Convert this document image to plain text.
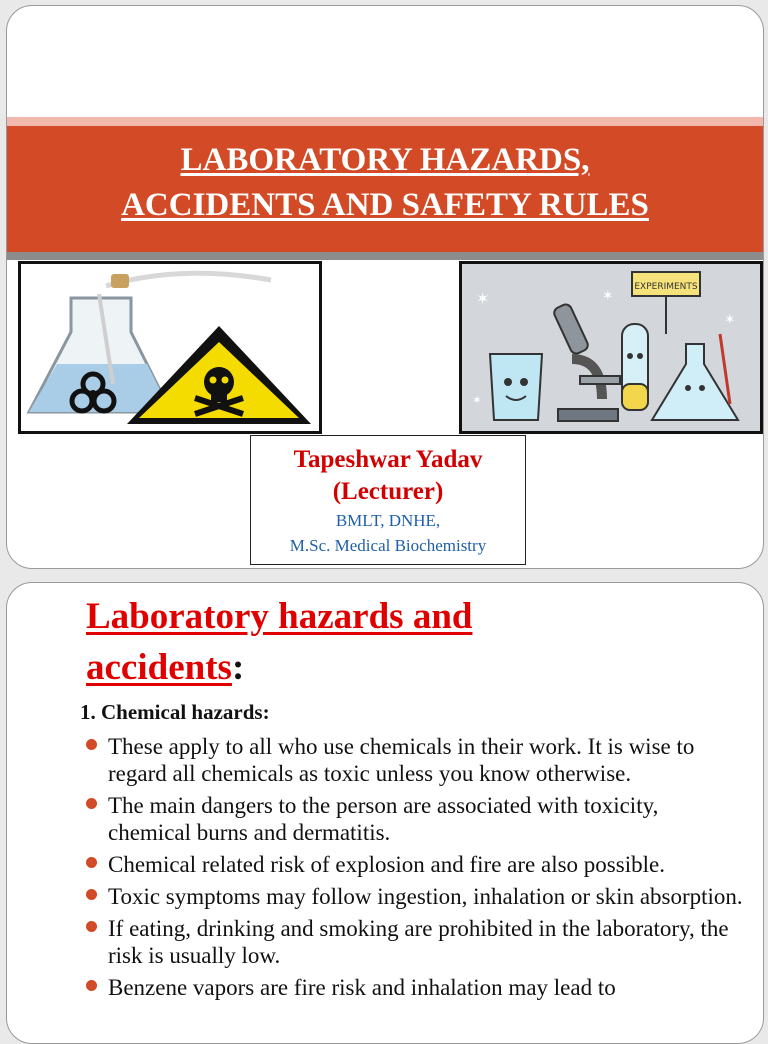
LABORATORY HAZARDS,
ACCIDENTS AND SAFETY RULES
EXPERIMENTS
✶	✶
✶
✶
Tapeshwar Yadav
(Lecturer)
BMLT, DNHE,
M.Sc. Medical Biochemistry
Laboratory hazards and
accidents:
1. Chemical hazards:
These apply to all who use chemicals in their work. It is wise to regard all chemicals as toxic unless you know otherwise.
The main dangers to the person are associated with toxicity, chemical burns and dermatitis.
Chemical related risk of explosion and fire are also possible.
Toxic symptoms may follow ingestion, inhalation or skin absorption.
If eating, drinking and smoking are prohibited in the laboratory, the risk is usually low.
Benzene vapors are fire risk and inhalation may lead to
